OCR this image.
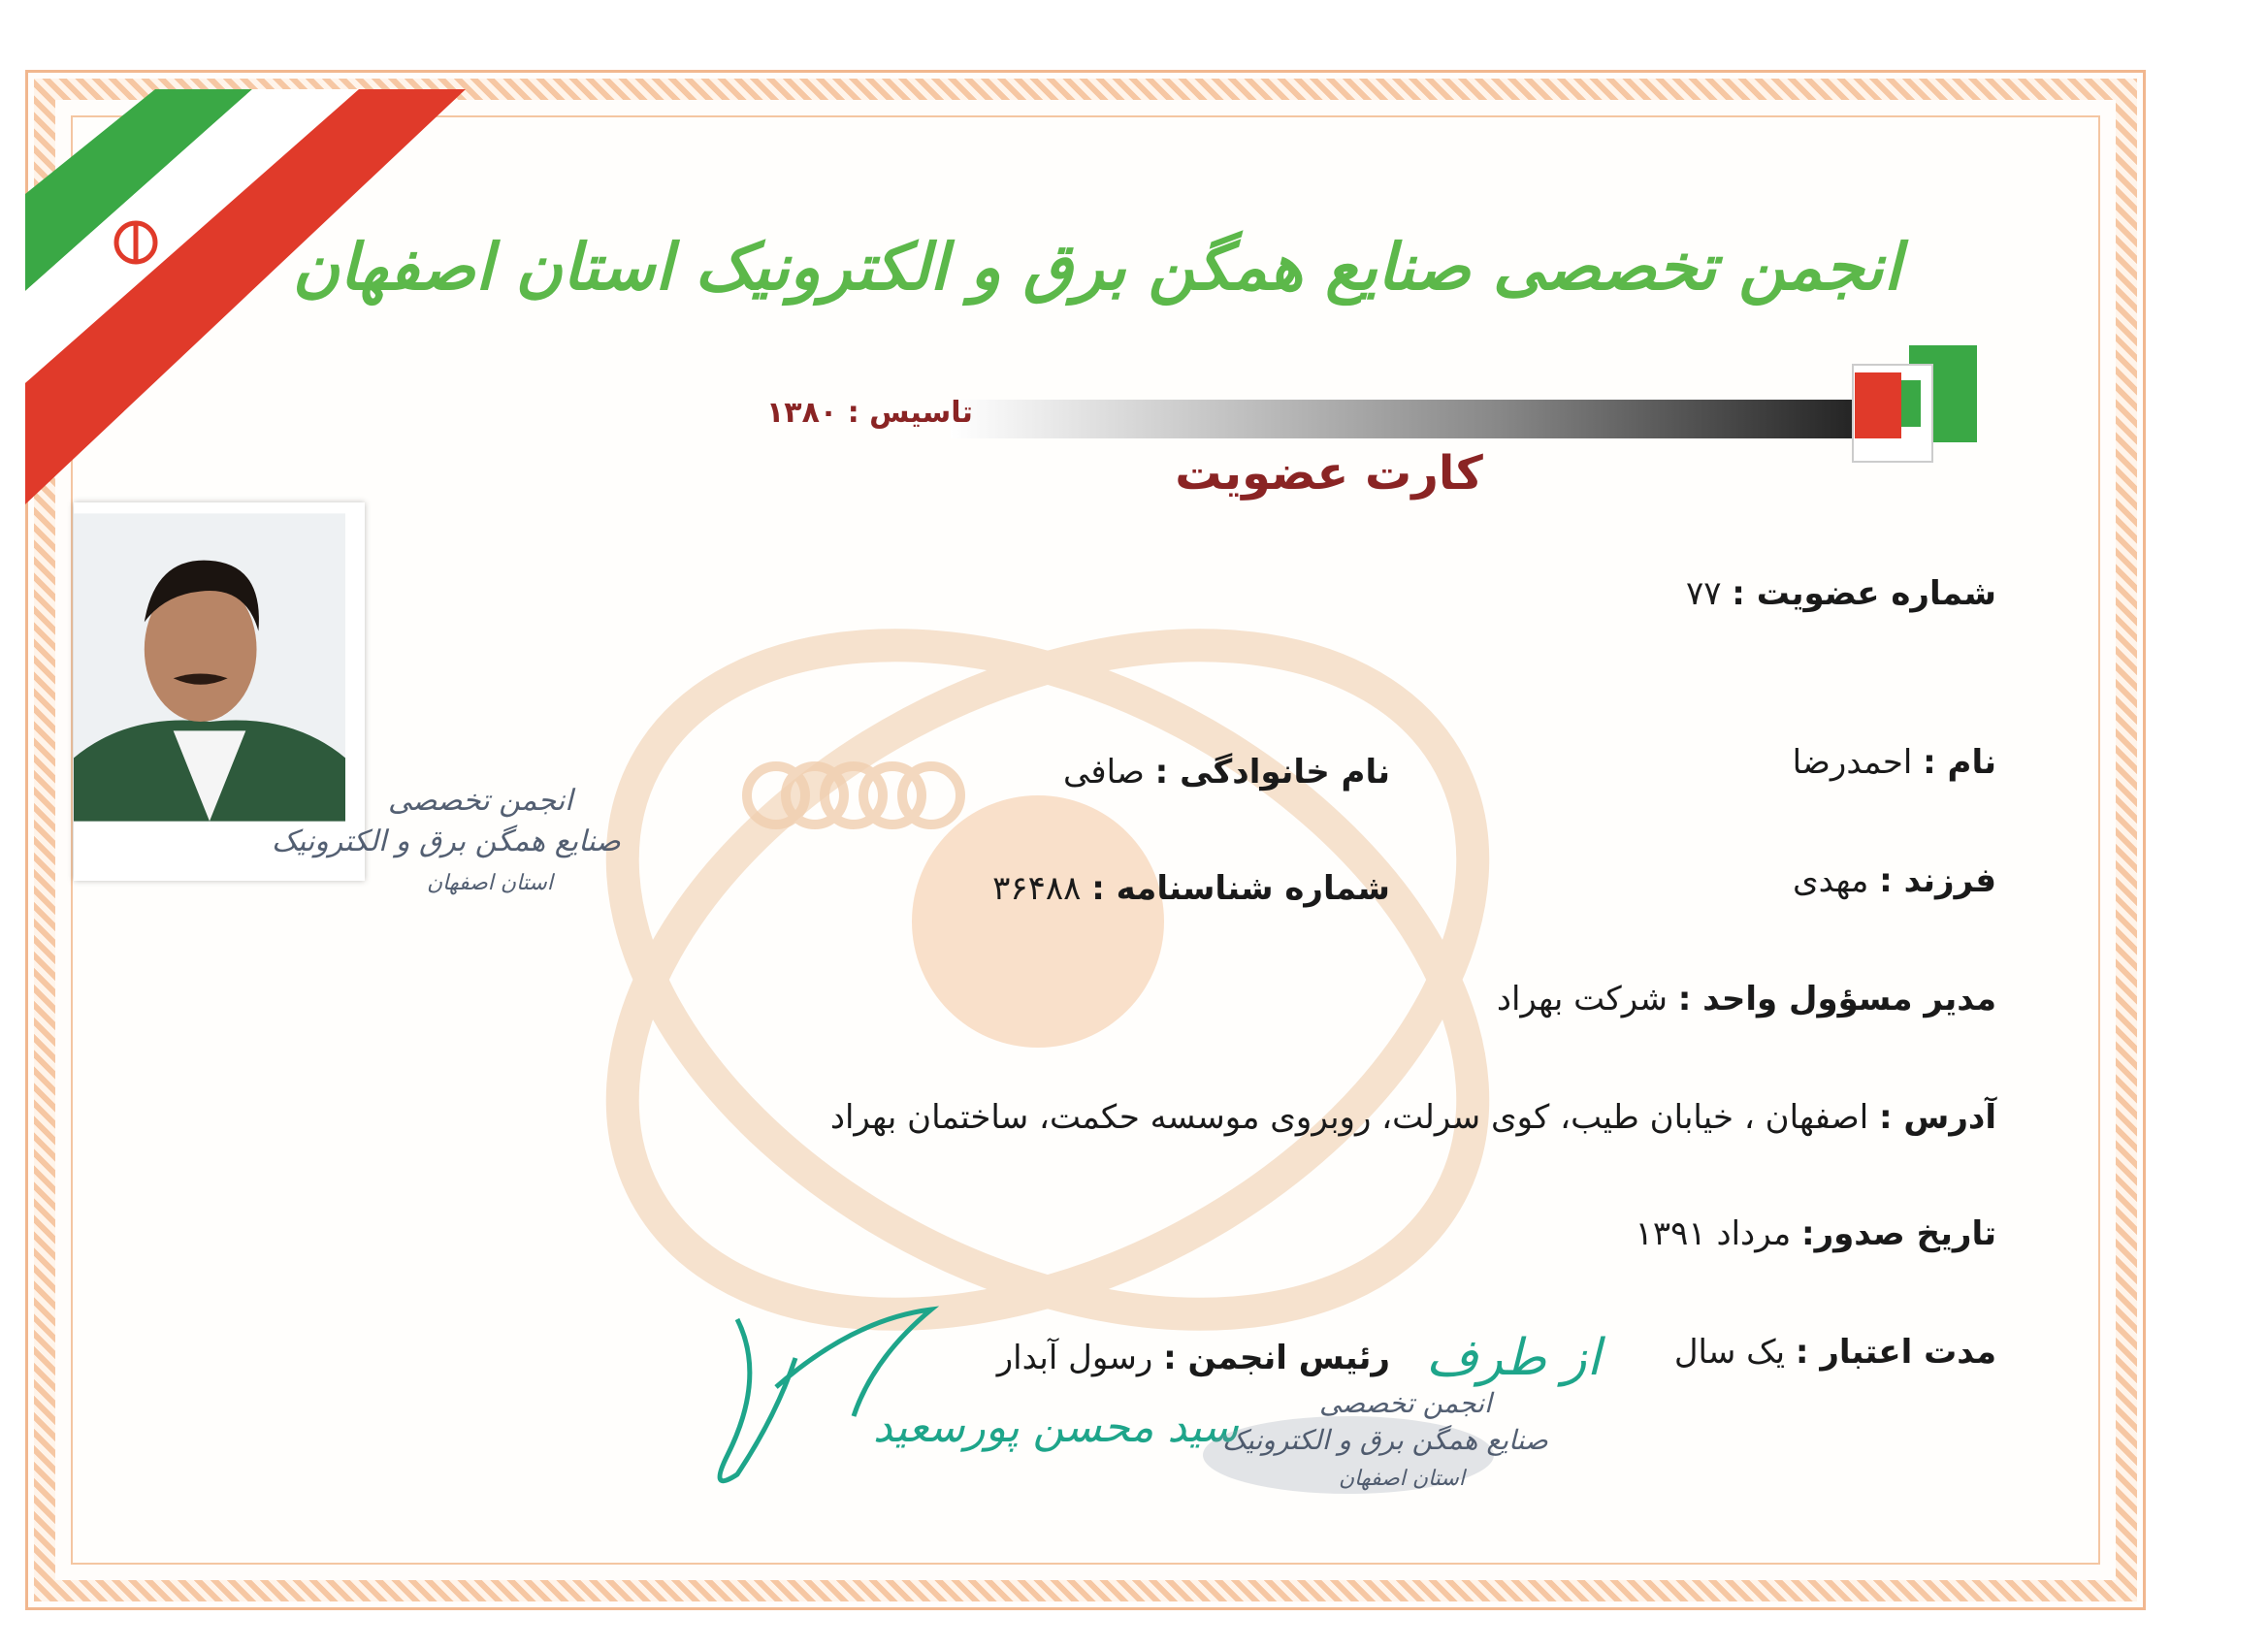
انجمن تخصصی صنایع همگن برق و الکترونیک استان اصفهان
تاسیس : ۱۳۸۰
کارت عضویت
انجمن تخصصی
صنایع همگن برق و الکترونیک
استان اصفهان
شماره عضویت : ۷۷
نام : احمدرضا
نام خانوادگی : صافی
فرزند : مهدی
شماره شناسنامه : ۳۶۴۸۸
مدیر مسؤول واحد : شرکت بهراد
آدرس : اصفهان ، خیابان طیب، کوی سرلت، روبروی موسسه حکمت، ساختمان بهراد
تاریخ صدور: مرداد ۱۳۹۱
مدت اعتبار : یک سال
رئیس انجمن : رسول آبدار	از طرف
سید محسن پورسعید	انجمن تخصصی
صنایع همگن برق و الکترونیک
استان اصفهان
